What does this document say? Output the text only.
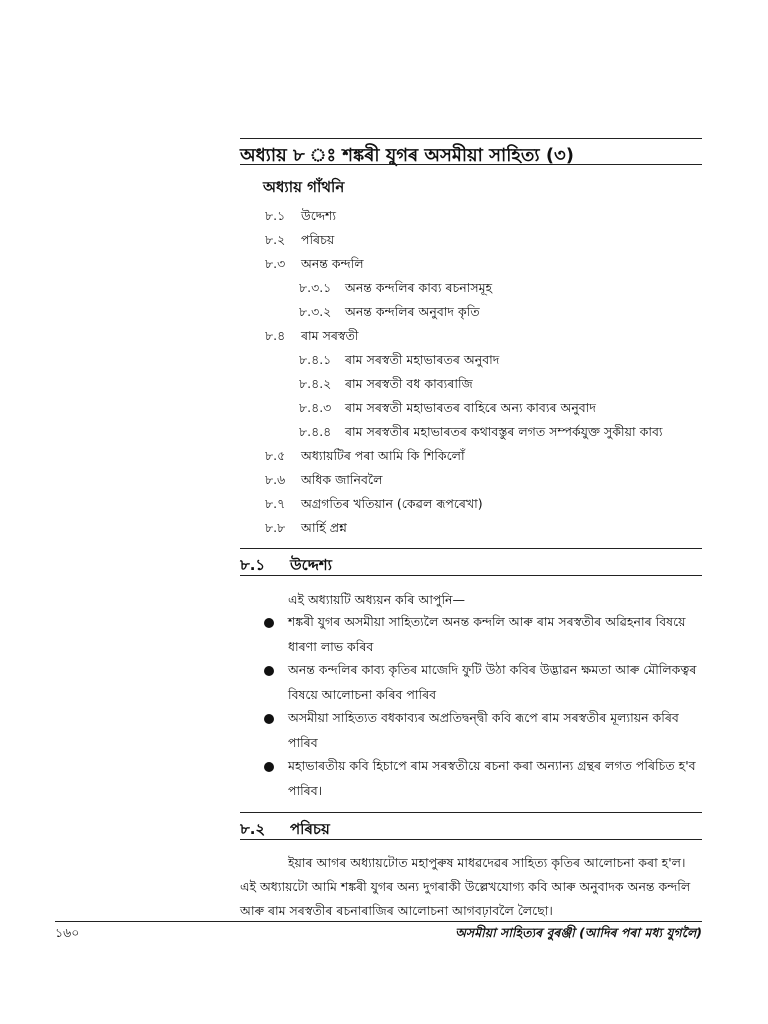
অধ্যায় ৮ ঃ শঙ্কৰী যুগৰ অসমীয়া সাহিত্য (৩)
অধ্যায় গাঁথনি
৮.১ উদ্দেশ্য
৮.২ পৰিচয়
৮.৩ অনন্ত কন্দলি
৮.৩.১ অনন্ত কন্দলিৰ কাব্য ৰচনাসমূহ
৮.৩.২ অনন্ত কন্দলিৰ অনুবাদ কৃতি
৮.৪ ৰাম সৰস্বতী
৮.৪.১ ৰাম সৰস্বতী মহাভাৰতৰ অনুবাদ
৮.৪.২ ৰাম সৰস্বতী বধ কাব্যৰাজি
৮.৪.৩ ৰাম সৰস্বতী মহাভাৰতৰ বাহিৰে অন্য কাব্যৰ অনুবাদ
৮.৪.৪ ৰাম সৰস্বতীৰ মহাভাৰতৰ কথাবস্তুৰ লগত সম্পৰ্কযুক্ত সুকীয়া কাব্য
৮.৫ অধ্যায়টিৰ পৰা আমি কি শিকিলোঁ
৮.৬ অধিক জানিবলৈ
৮.৭ অগ্ৰগতিৰ খতিয়ান (কেৱল ৰূপৰেখা)
৮.৮ আৰ্হি প্ৰশ্ন
৮.১ উদ্দেশ্য
এই অধ্যায়টি অধ্যয়ন কৰি আপুনি—
শঙ্কৰী যুগৰ অসমীয়া সাহিত্যলৈ অনন্ত কন্দলি আৰু ৰাম সৰস্বতীৰ অৱিহনাৰ বিষয়ে
ধাৰণা লাভ কৰিব
অনন্ত কন্দলিৰ কাব্য কৃতিৰ মাজেদি ফুটি উঠা কবিৰ উদ্ভাৱন ক্ষমতা আৰু মৌলিকত্বৰ
বিষয়ে আলোচনা কৰিব পাৰিব
অসমীয়া সাহিত্যত বধকাব্যৰ অপ্ৰতিদ্বন্দ্বী কবি ৰূপে ৰাম সৰস্বতীৰ মূল্যায়ন কৰিব
পাৰিব
মহাভাৰতীয় কবি হিচাপে ৰাম সৰস্বতীয়ে ৰচনা কৰা অন্যান্য গ্ৰন্থৰ লগত পৰিচিত হ'ব
পাৰিব।
৮.২ পৰিচয়
ইয়াৰ আগৰ অধ্যায়টোত মহাপুৰুষ মাধৱদেৱৰ সাহিত্য কৃতিৰ আলোচনা কৰা হ'ল।
এই অধ্যায়টো আমি শঙ্কৰী যুগৰ অন্য দুগৰাকী উল্লেখযোগ্য কবি আৰু অনুবাদক অনন্ত কন্দলি
আৰু ৰাম সৰস্বতীৰ ৰচনাৰাজিৰ আলোচনা আগবঢ়াবলৈ লৈছো।
১৬০	অসমীয়া সাহিত্যৰ বুৰঞ্জী (আদিৰ পৰা মধ্য যুগলৈ)
